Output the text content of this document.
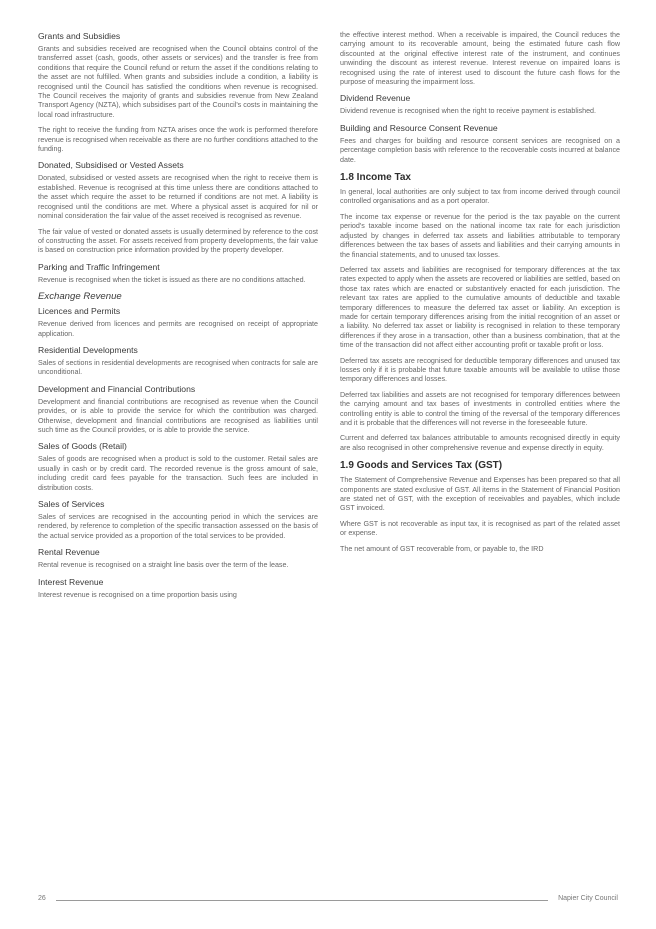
Grants and Subsidies

Grants and subsidies received are recognised when the Council obtains control of the transferred asset (cash, goods, other assets or services) and the transfer is free from conditions that require the Council refund or return the asset if the conditions relating to the asset are not fulfilled. When grants and subsidies include a condition, a liability is recognised until the Council has satisfied the conditions when revenue is recognised. The Council receives the majority of grants and subsidies revenue from New Zealand Transport Agency (NZTA), which subsidises part of the Council's costs in maintaining the local road infrastructure.

The right to receive the funding from NZTA arises once the work is performed therefore revenue is recognised when receivable as there are no further conditions attached to the funding.

Donated, Subsidised or Vested Assets

Donated, subsidised or vested assets are recognised when the right to receive them is established. Revenue is recognised at this time unless there are conditions attached to the asset which require the asset to be returned if conditions are not met. A liability is recognised until the conditions are met. Where a physical asset is acquired for nil or nominal consideration the fair value of the asset received is recognised as revenue.

The fair value of vested or donated assets is usually determined by reference to the cost of constructing the asset. For assets received from property developments, the fair value is based on construction price information provided by the property developer.

Parking and Traffic Infringement

Revenue is recognised when the ticket is issued as there are no conditions attached.

Exchange Revenue
Licences and Permits

Revenue derived from licences and permits are recognised on receipt of appropriate application.

Residential Developments

Sales of sections in residential developments are recognised when contracts for sale are unconditional.

Development and Financial Contributions

Development and financial contributions are recognised as revenue when the Council provides, or is able to provide the service for which the contribution was charged. Otherwise, development and financial contributions are recognised as liabilities until such time as the Council provides, or is able to provide the service.

Sales of Goods (Retail)

Sales of goods are recognised when a product is sold to the customer. Retail sales are usually in cash or by credit card. The recorded revenue is the gross amount of sale, including credit card fees payable for the transaction. Such fees are included in distribution costs.

Sales of Services

Sales of services are recognised in the accounting period in which the services are rendered, by reference to completion of the specific transaction assessed on the basis of the actual service provided as a proportion of the total services to be provided.

Rental Revenue

Rental revenue is recognised on a straight line basis over the term of the lease.

Interest Revenue

Interest revenue is recognised on a time proportion basis using

the effective interest method. When a receivable is impaired, the Council reduces the carrying amount to its recoverable amount, being the estimated future cash flow discounted at the original effective interest rate of the instrument, and continues unwinding the discount as interest revenue. Interest revenue on impaired loans is recognised using the rate of interest used to discount the future cash flows for the purpose of measuring the impairment loss.

Dividend Revenue

Dividend revenue is recognised when the right to receive payment is established.

Building and Resource Consent Revenue

Fees and charges for building and resource consent services are recognised on a percentage completion basis with reference to the recoverable costs incurred at balance date.

1.8 Income Tax

In general, local authorities are only subject to tax from income derived through council controlled organisations and as a port operator.

The income tax expense or revenue for the period is the tax payable on the current period's taxable income based on the national income tax rate for each jurisdiction adjusted by changes in deferred tax assets and liabilities attributable to temporary differences between the tax bases of assets and liabilities and their carrying amounts in the financial statements, and to unused tax losses.

Deferred tax assets and liabilities are recognised for temporary differences at the tax rates expected to apply when the assets are recovered or liabilities are settled, based on those tax rates which are enacted or substantively enacted for each jurisdiction. The relevant tax rates are applied to the cumulative amounts of deductible and taxable temporary differences to measure the deferred tax asset or liability. An exception is made for certain temporary differences arising from the initial recognition of an asset or a liability. No deferred tax asset or liability is recognised in relation to these temporary differences if they arose in a transaction, other than a business combination, that at the time of the transaction did not affect either accounting profit or taxable profit or loss.

Deferred tax assets are recognised for deductible temporary differences and unused tax losses only if it is probable that future taxable amounts will be available to utilise those temporary differences and losses.

Deferred tax liabilities and assets are not recognised for temporary differences between the carrying amount and tax bases of investments in controlled entities where the controlling entity is able to control the timing of the reversal of the temporary differences and it is probable that the differences will not reverse in the foreseeable future.

Current and deferred tax balances attributable to amounts recognised directly in equity are also recognised in other comprehensive revenue and expense directly in equity.

1.9 Goods and Services Tax (GST)

The Statement of Comprehensive Revenue and Expenses has been prepared so that all components are stated exclusive of GST. All items in the Statement of Financial Position are stated net of GST, with the exception of receivables and payables, which include GST invoiced.

Where GST is not recoverable as input tax, it is recognised as part of the related asset or expense.

The net amount of GST recoverable from, or payable to, the IRD

26	Napier City Council
